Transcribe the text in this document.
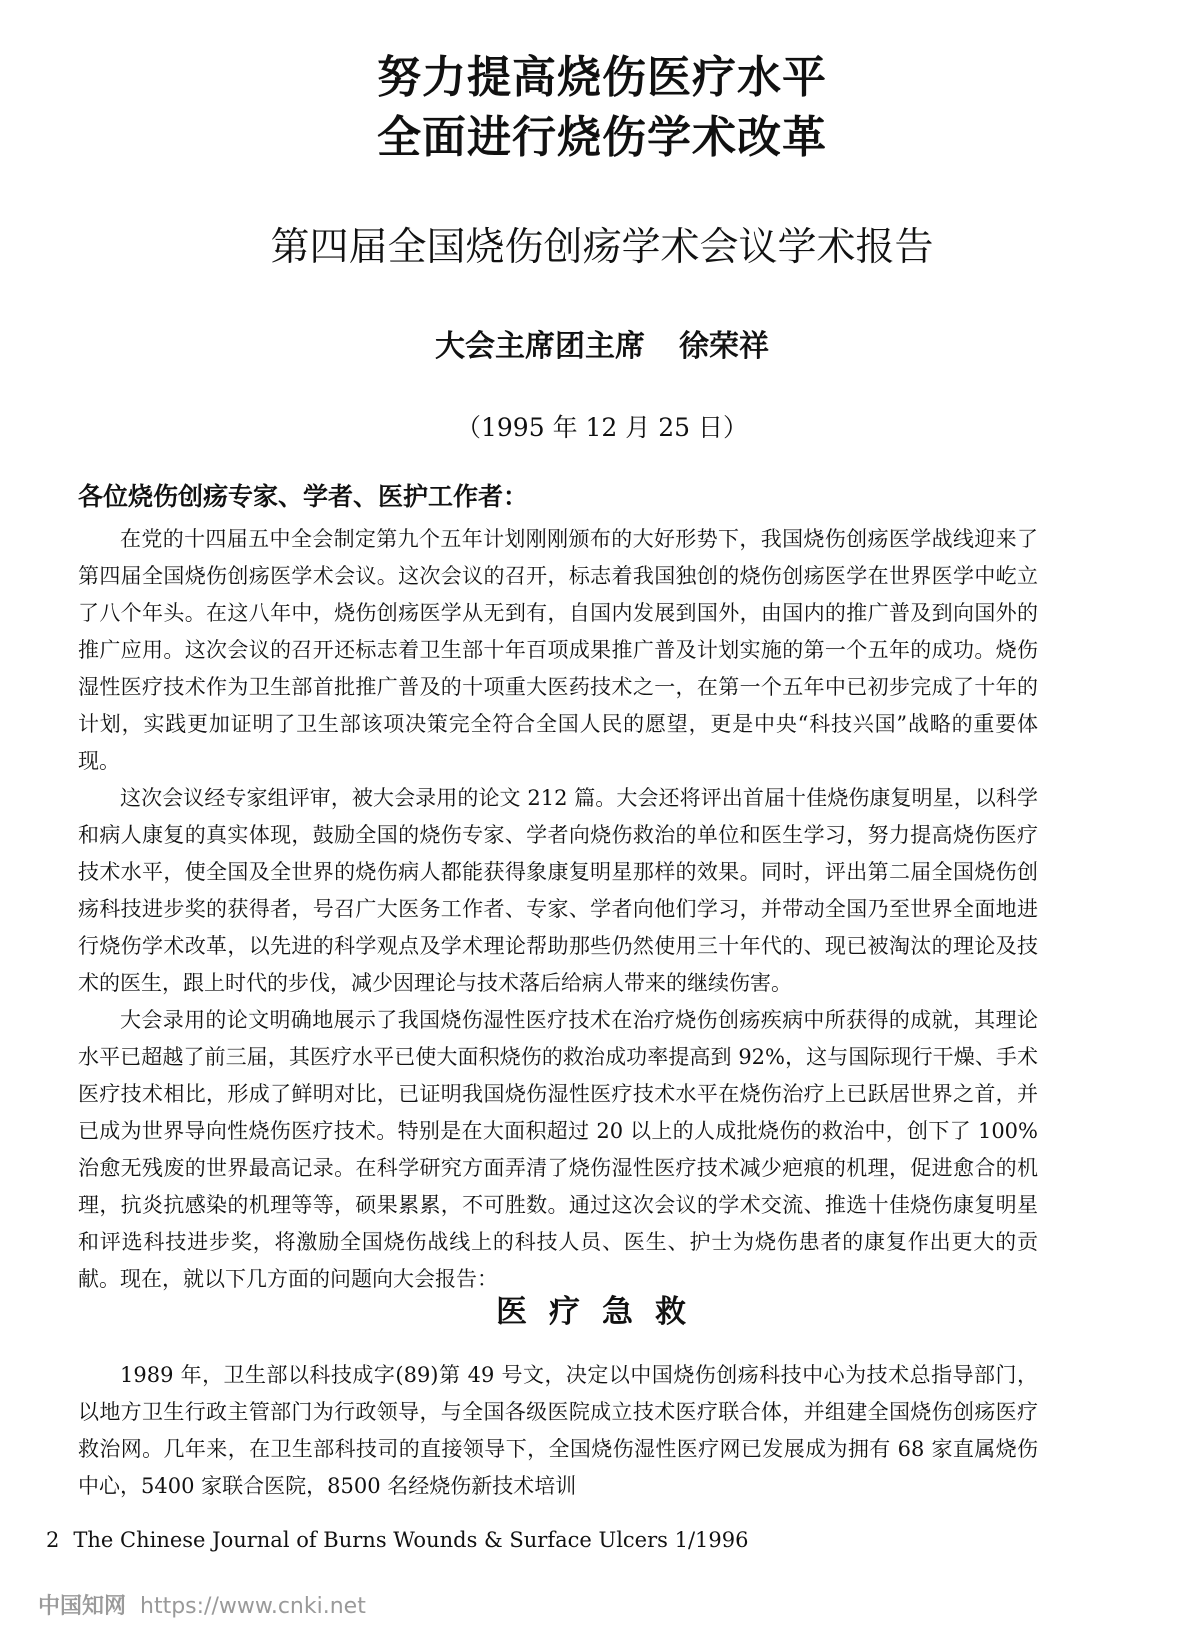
努力提高烧伤医疗水平
全面进行烧伤学术改革
第四届全国烧伤创疡学术会议学术报告
大会主席团主席 徐荣祥
（1995 年 12 月 25 日）
各位烧伤创疡专家、学者、医护工作者：

在党的十四届五中全会制定第九个五年计划刚刚颁布的大好形势下，我国烧伤创疡医学战线迎来了第四届全国烧伤创疡医学术会议。这次会议的召开，标志着我国独创的烧伤创疡医学在世界医学中屹立了八个年头。在这八年中，烧伤创疡医学从无到有，自国内发展到国外，由国内的推广普及到向国外的推广应用。这次会议的召开还标志着卫生部十年百项成果推广普及计划实施的第一个五年的成功。烧伤湿性医疗技术作为卫生部首批推广普及的十项重大医药技术之一，在第一个五年中已初步完成了十年的计划，实践更加证明了卫生部该项决策完全符合全国人民的愿望，更是中央“科技兴国”战略的重要体现。

这次会议经专家组评审，被大会录用的论文 212 篇。大会还将评出首届十佳烧伤康复明星，以科学和病人康复的真实体现，鼓励全国的烧伤专家、学者向烧伤救治的单位和医生学习，努力提高烧伤医疗技术水平，使全国及全世界的烧伤病人都能获得象康复明星那样的效果。同时，评出第二届全国烧伤创疡科技进步奖的获得者，号召广大医务工作者、专家、学者向他们学习，并带动全国乃至世界全面地进行烧伤学术改革，以先进的科学观点及学术理论帮助那些仍然使用三十年代的、现已被淘汰的理论及技术的医生，跟上时代的步伐，减少因理论与技术落后给病人带来的继续伤害。

大会录用的论文明确地展示了我国烧伤湿性医疗技术在治疗烧伤创疡疾病中所获得的成就，其理论水平已超越了前三届，其医疗水平已使大面积烧伤的救治成功率提高到 92%，这与国际现行干燥、手术医疗技术相比，形成了鲜明对比，已证明我国烧伤湿性医疗技术水平在烧伤治疗上已跃居世界之首，并已成为世界导向性烧伤医疗技术。特别是在大面积超过 20 以上的人成批烧伤的救治中，创下了 100%治愈无残废的世界最高记录。在科学研究方面弄清了烧伤湿性医疗技术减少疤痕的机理，促进愈合的机理，抗炎抗感染的机理等等，硕果累累，不可胜数。通过这次会议的学术交流、推选十佳烧伤康复明星和评选科技进步奖，将激励全国烧伤战线上的科技人员、医生、护士为烧伤患者的康复作出更大的贡献。现在，就以下几方面的问题向大会报告：

医疗急救

1989 年，卫生部以科技成字(89)第 49 号文，决定以中国烧伤创疡科技中心为技术总指导部门，以地方卫生行政主管部门为行政领导，与全国各级医院成立技术医疗联合体，并组建全国烧伤创疡医疗救治网。几年来，在卫生部科技司的直接领导下，全国烧伤湿性医疗网已发展成为拥有 68 家直属烧伤中心，5400 家联合医院，8500 名经烧伤新技术培训

2 The Chinese Journal of Burns Wounds & Surface Ulcers 1/1996
中国知网 https://www.cnki.net
